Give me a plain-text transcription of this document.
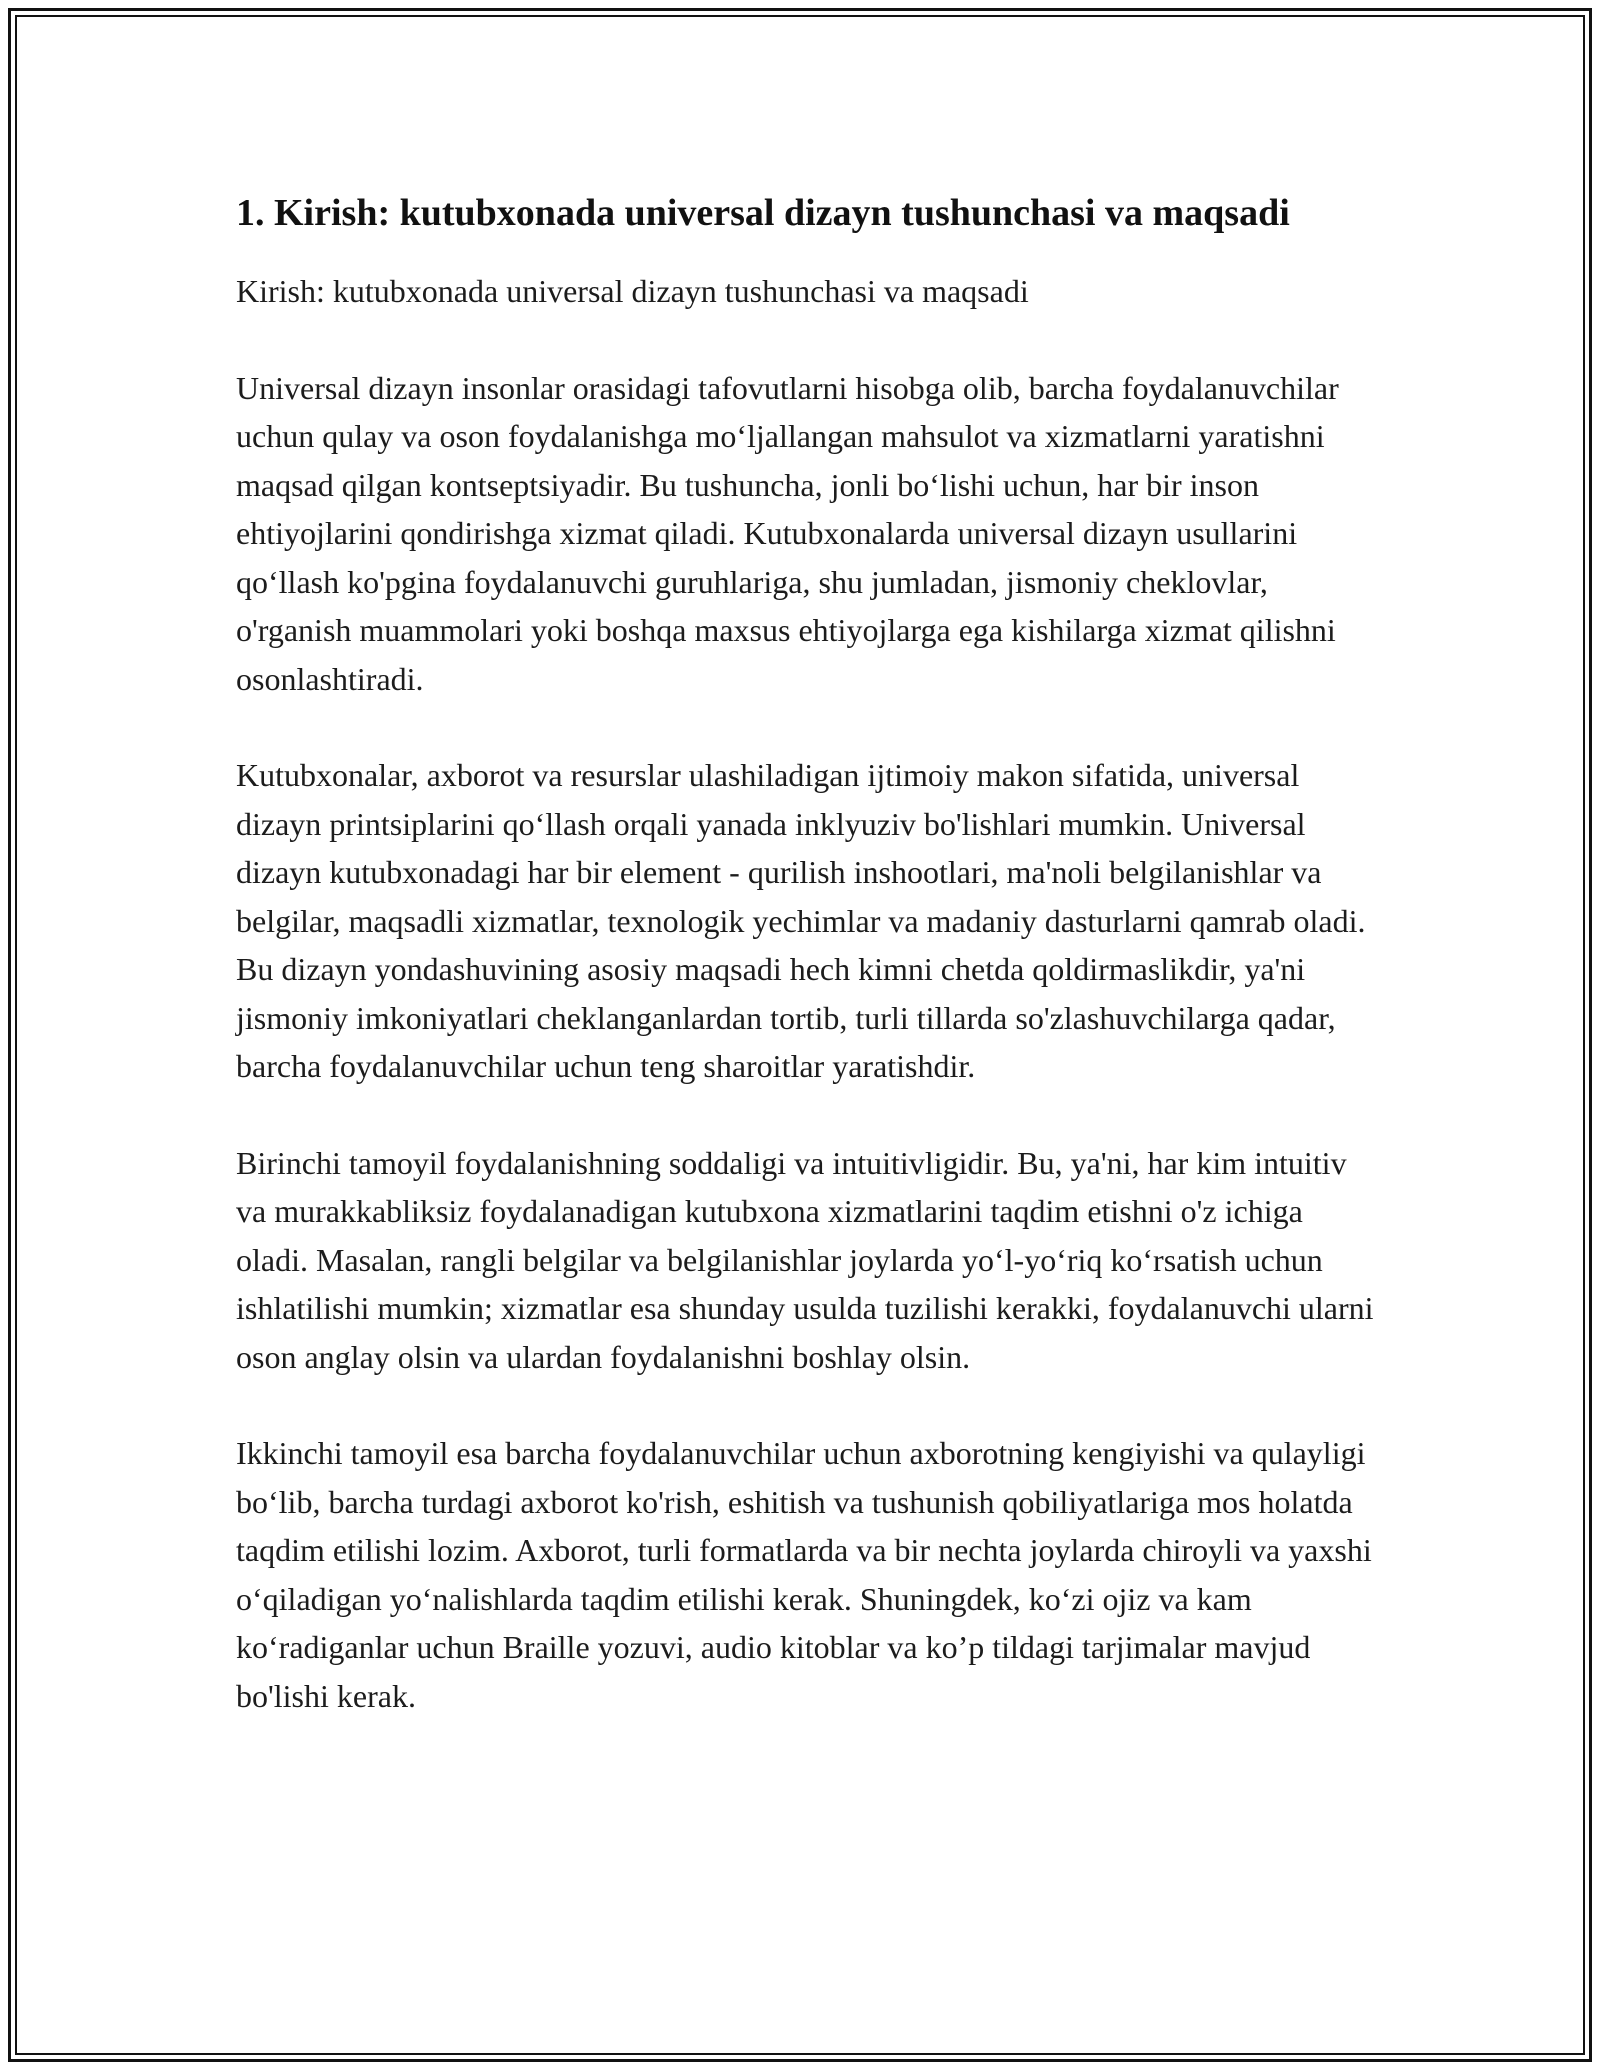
1. Kirish: kutubxonada universal dizayn tushunchasi va maqsadi

Kirish: kutubxonada universal dizayn tushunchasi va maqsadi

Universal dizayn insonlar orasidagi tafovutlarni hisobga olib, barcha foydalanuvchilar uchun qulay va oson foydalanishga mo‘ljallangan mahsulot va xizmatlarni yaratishni maqsad qilgan kontseptsiyadir. Bu tushuncha, jonli bo‘lishi uchun, har bir inson ehtiyojlarini qondirishga xizmat qiladi. Kutubxonalarda universal dizayn usullarini qo‘llash ko'pgina foydalanuvchi guruhlariga, shu jumladan, jismoniy cheklovlar, o'rganish muammolari yoki boshqa maxsus ehtiyojlarga ega kishilarga xizmat qilishni osonlashtiradi.

Kutubxonalar, axborot va resurslar ulashiladigan ijtimoiy makon sifatida, universal dizayn printsiplarini qo‘llash orqali yanada inklyuziv bo'lishlari mumkin. Universal dizayn kutubxonadagi har bir element - qurilish inshootlari, ma'noli belgilanishlar va belgilar, maqsadli xizmatlar, texnologik yechimlar va madaniy dasturlarni qamrab oladi. Bu dizayn yondashuvining asosiy maqsadi hech kimni chetda qoldirmaslikdir, ya'ni jismoniy imkoniyatlari cheklanganlardan tortib, turli tillarda so'zlashuvchilarga qadar, barcha foydalanuvchilar uchun teng sharoitlar yaratishdir.

Birinchi tamoyil foydalanishning soddaligi va intuitivligidir. Bu, ya'ni, har kim intuitiv va murakkabliksiz foydalanadigan kutubxona xizmatlarini taqdim etishni o'z ichiga oladi. Masalan, rangli belgilar va belgilanishlar joylarda yo‘l-yo‘riq ko‘rsatish uchun ishlatilishi mumkin; xizmatlar esa shunday usulda tuzilishi kerakki, foydalanuvchi ularni oson anglay olsin va ulardan foydalanishni boshlay olsin.

Ikkinchi tamoyil esa barcha foydalanuvchilar uchun axborotning kengiyishi va qulayligi bo‘lib, barcha turdagi axborot ko'rish, eshitish va tushunish qobiliyatlariga mos holatda taqdim etilishi lozim. Axborot, turli formatlarda va bir nechta joylarda chiroyli va yaxshi o‘qiladigan yo‘nalishlarda taqdim etilishi kerak. Shuningdek, ko‘zi ojiz va kam ko‘radiganlar uchun Braille yozuvi, audio kitoblar va ko’p tildagi tarjimalar mavjud bo'lishi kerak.
